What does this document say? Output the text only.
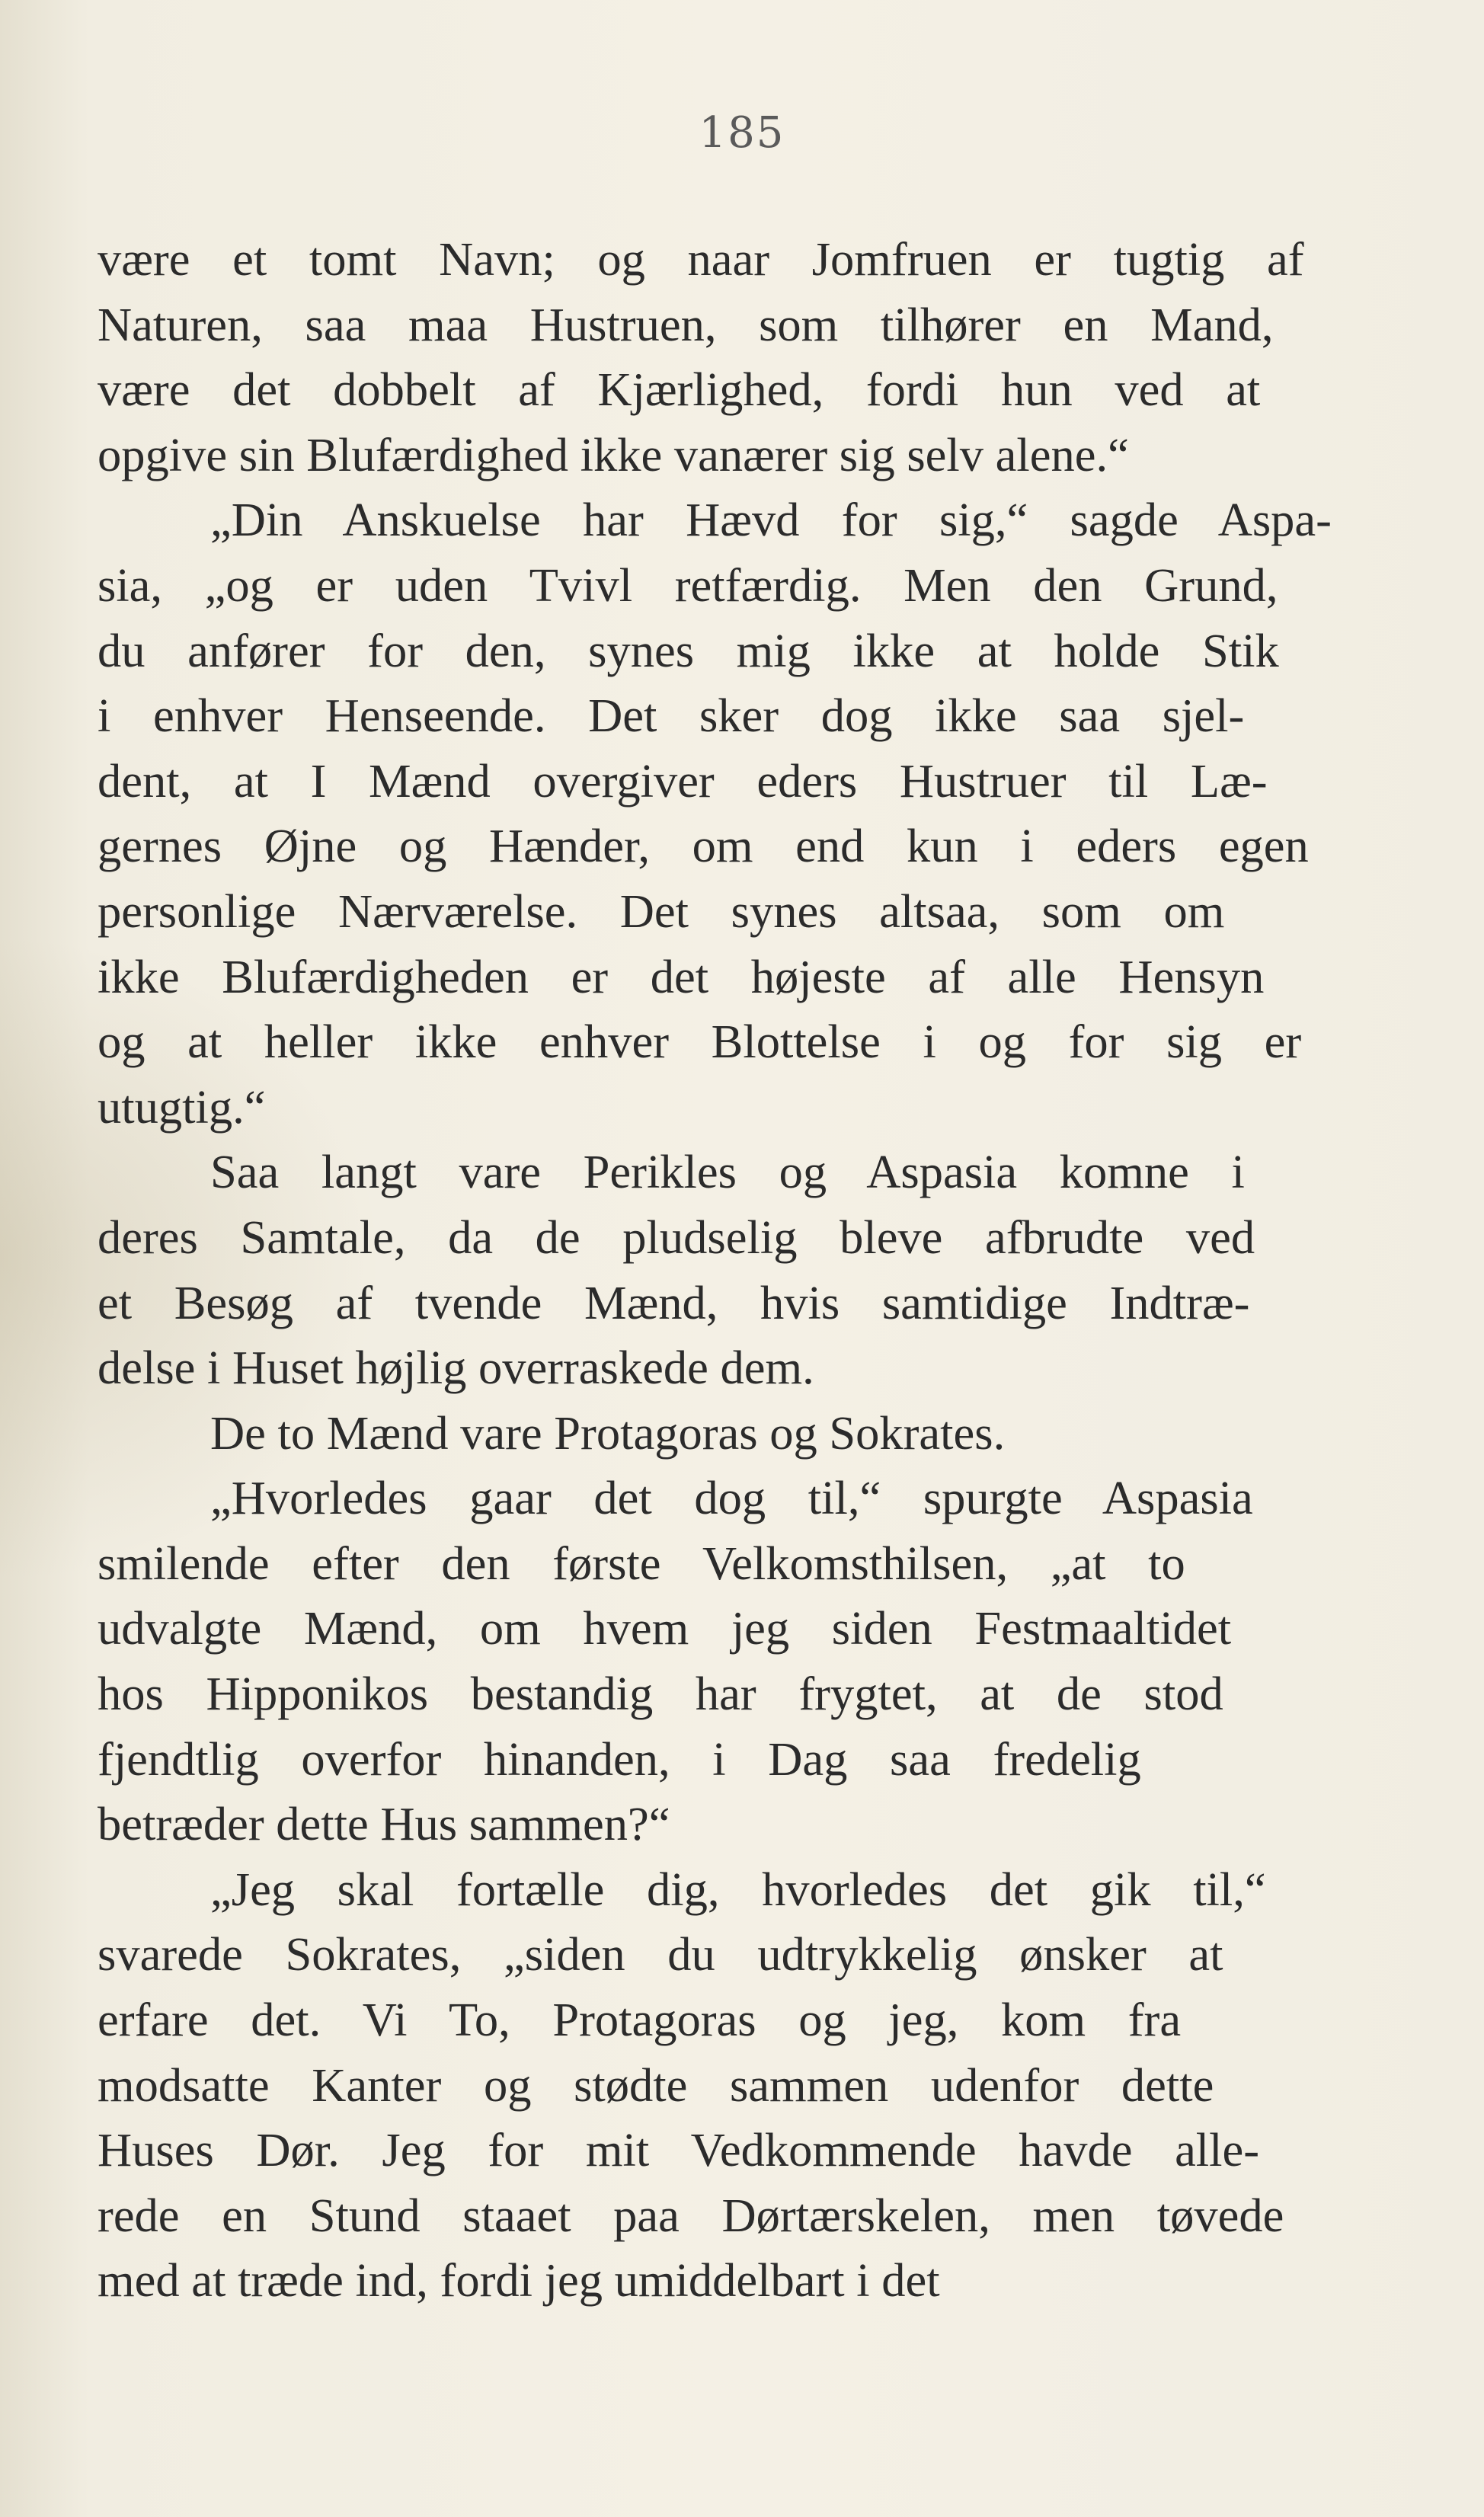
185
være et tomt Navn; og naar Jomfruen er tugtig af
Naturen, saa maa Hustruen, som tilhører en Mand,
være det dobbelt af Kjærlighed, fordi hun ved at
opgive sin Blufærdighed ikke vanærer sig selv alene.“
„Din Anskuelse har Hævd for sig,“ sagde Aspa-
sia, „og er uden Tvivl retfærdig. Men den Grund,
du anfører for den, synes mig ikke at holde Stik
i enhver Henseende. Det sker dog ikke saa sjel-
dent, at I Mænd overgiver eders Hustruer til Læ-
gernes Øjne og Hænder, om end kun i eders egen
personlige Nærværelse. Det synes altsaa, som om
ikke Blufærdigheden er det højeste af alle Hensyn
og at heller ikke enhver Blottelse i og for sig er
utugtig.“
Saa langt vare Perikles og Aspasia komne i
deres Samtale, da de pludselig bleve afbrudte ved
et Besøg af tvende Mænd, hvis samtidige Indtræ-
delse i Huset højlig overraskede dem.
De to Mænd vare Protagoras og Sokrates.
„Hvorledes gaar det dog til,“ spurgte Aspasia
smilende efter den første Velkomsthilsen, „at to
udvalgte Mænd, om hvem jeg siden Festmaaltidet
hos Hipponikos bestandig har frygtet, at de stod
fjendtlig overfor hinanden, i Dag saa fredelig
betræder dette Hus sammen?“
„Jeg skal fortælle dig, hvorledes det gik til,“
svarede Sokrates, „siden du udtrykkelig ønsker at
erfare det. Vi To, Protagoras og jeg, kom fra
modsatte Kanter og stødte sammen udenfor dette
Huses Dør. Jeg for mit Vedkommende havde alle-
rede en Stund staaet paa Dørtærskelen, men tøvede
med at træde ind, fordi jeg umiddelbart i det
